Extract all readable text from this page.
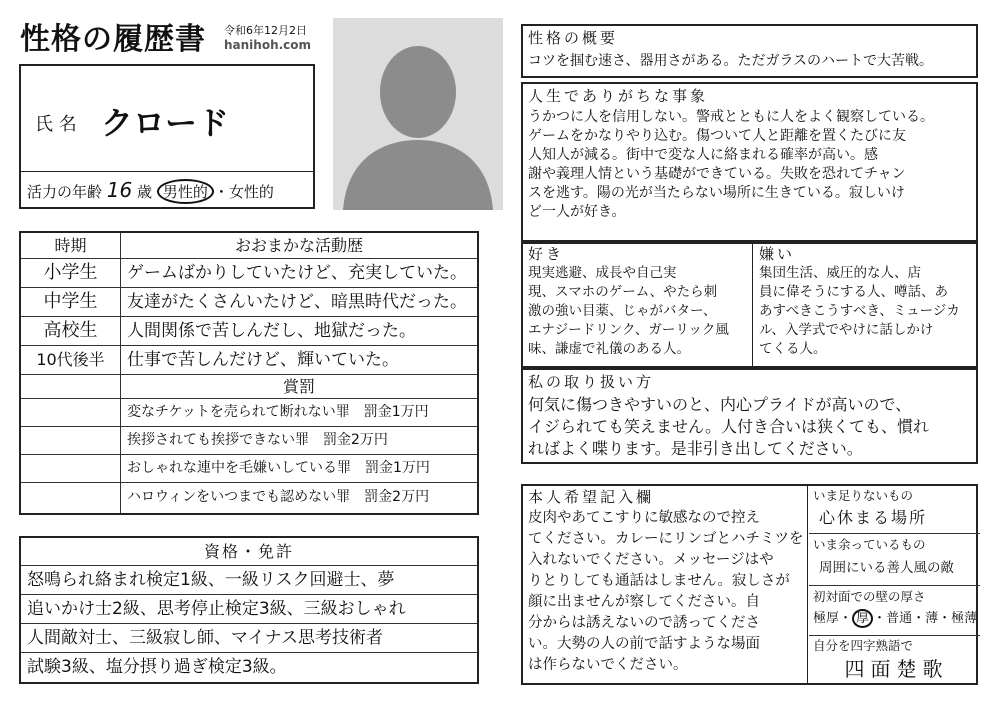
性格の履歴書 令和6年12月2日
hanihoh.com
氏 名 クロード
活力の年齢 16 歳 男性的 ・女性的
時期	おおまかな活動歴
小学生	ゲームばかりしていたけど、充実していた。
中学生	友達がたくさんいたけど、暗黒時代だった。
高校生	人間関係で苦しんだし、地獄だった。
10代後半	仕事で苦しんだけど、輝いていた。
賞罰
変なチケットを売られて断れない罪　罰金1万円
挨拶されても挨拶できない罪　罰金2万円
おしゃれな連中を毛嫌いしている罪　罰金1万円
ハロウィンをいつまでも認めない罪　罰金2万円
資格・免許
怒鳴られ絡まれ検定1級、一級リスク回避士、夢
追いかけ士2級、思考停止検定3級、三級おしゃれ
人間敵対士、三級寂し師、マイナス思考技術者
試験3級、塩分摂り過ぎ検定3級。
性格の概要
コツを掴む速さ、器用さがある。ただガラスのハートで大苦戦。
人生でありがちな事象
うかつに人を信用しない。警戒とともに人をよく観察している。
ゲームをかなりやり込む。傷ついて人と距離を置くたびに友
人知人が減る。街中で変な人に絡まれる確率が高い。感
謝や義理人情という基礎ができている。失敗を恐れてチャン
スを逃す。陽の光が当たらない場所に生きている。寂しいけ
ど一人が好き。
好き
現実逃避、成長や自己実
現、スマホのゲーム、やたら刺
激の強い目薬、じゃがバター、
エナジードリンク、ガーリック風
味、謙虚で礼儀のある人。
嫌い
集団生活、威圧的な人、店
員に偉そうにする人、噂話、あ
あすべきこうすべき、ミュージカ
ル、入学式でやけに話しかけ
てくる人。
私の取り扱い方
何気に傷つきやすいのと、内心プライドが高いので、
イジられても笑えません。人付き合いは狭くても、慣れ
ればよく喋ります。是非引き出してください。
本人希望記入欄
皮肉やあてこすりに敏感なので控え
てください。カレーにリンゴとハチミツを
入れないでください。メッセージはや
りとりしても通話はしません。寂しさが
顔に出ませんが察してください。自
分からは誘えないので誘ってくださ
い。大勢の人の前で話すような場面
は作らないでください。
いま足りないもの
心休まる場所
いま余っているもの
周囲にいる善人風の敵
初対面での壁の厚さ
極厚・ 厚 ・普通・薄・極薄
自分を四字熟語で
四面楚歌
